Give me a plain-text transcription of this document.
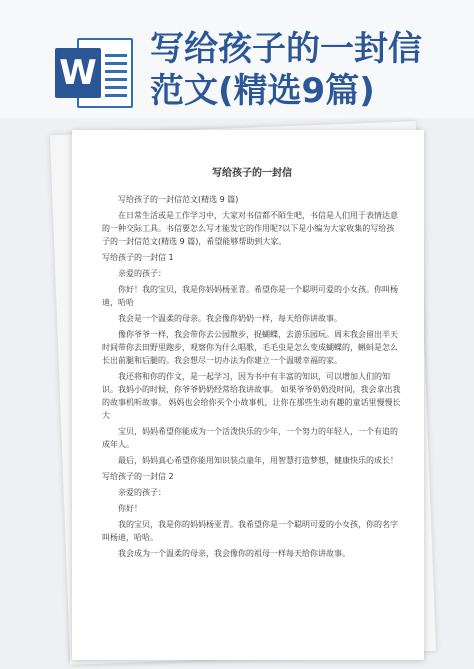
W
写给孩子的一封信
范文(精选9篇)
写给孩子的一封信

写给孩子的一封信范文(精选 9 篇)

在日常生活或是工作学习中，大家对书信都不陌生吧，书信是人们用于表情达意的一种交际工具。书信要怎么写才能发它的作用呢?以下是小编为大家收集的写给孩子的一封信范文(精选 9 篇)，希望能够帮助到大家。

写给孩子的一封信 1

亲爱的孩子：

你好！我的宝贝，我是你妈妈杨亚青。希望你是一个聪明可爱的小女孩。你叫杨迪，哈哈

我会是一个温柔的母亲。我会像你奶奶一样，每天给你讲故事。

像你爷爷一样，我会带你去公园散步，捉蝴蝶，去游乐园玩。周末我会留出半天时间带你去田野里跑步，观察你为什么唱歌，毛毛虫是怎么变成蝴蝶的，蝌蚪是怎么长出前腿和后腿的。我会想尽一切办法为你建立一个温暖幸福的家。

我还将和你的作文，是一起学习，因为书中有丰富的知识，可以增加人们的知识。我妈小的时候，你爷爷奶奶经常给我讲故事。 如果爷爷奶奶没时间，我会拿出我的故事机听故事。 妈妈也会给你买个小故事机，让你在那些生动有趣的童话里慢慢长大

宝贝，妈妈希望你能成为一个活泼快乐的少年，一个努力的年轻人，一个有追的成年人。

最后，妈妈真心希望你能用知识装点童年，用智慧打造梦想，健康快乐的成长！

写给孩子的一封信 2

亲爱的孩子：

你好！

我的宝贝，我是你的妈妈杨亚青。我希望你是一个聪明可爱的小女孩，你的名字叫杨迪，哈哈。

我会成为一个温柔的母亲，我会像你的祖母一样每天给你讲故事。
